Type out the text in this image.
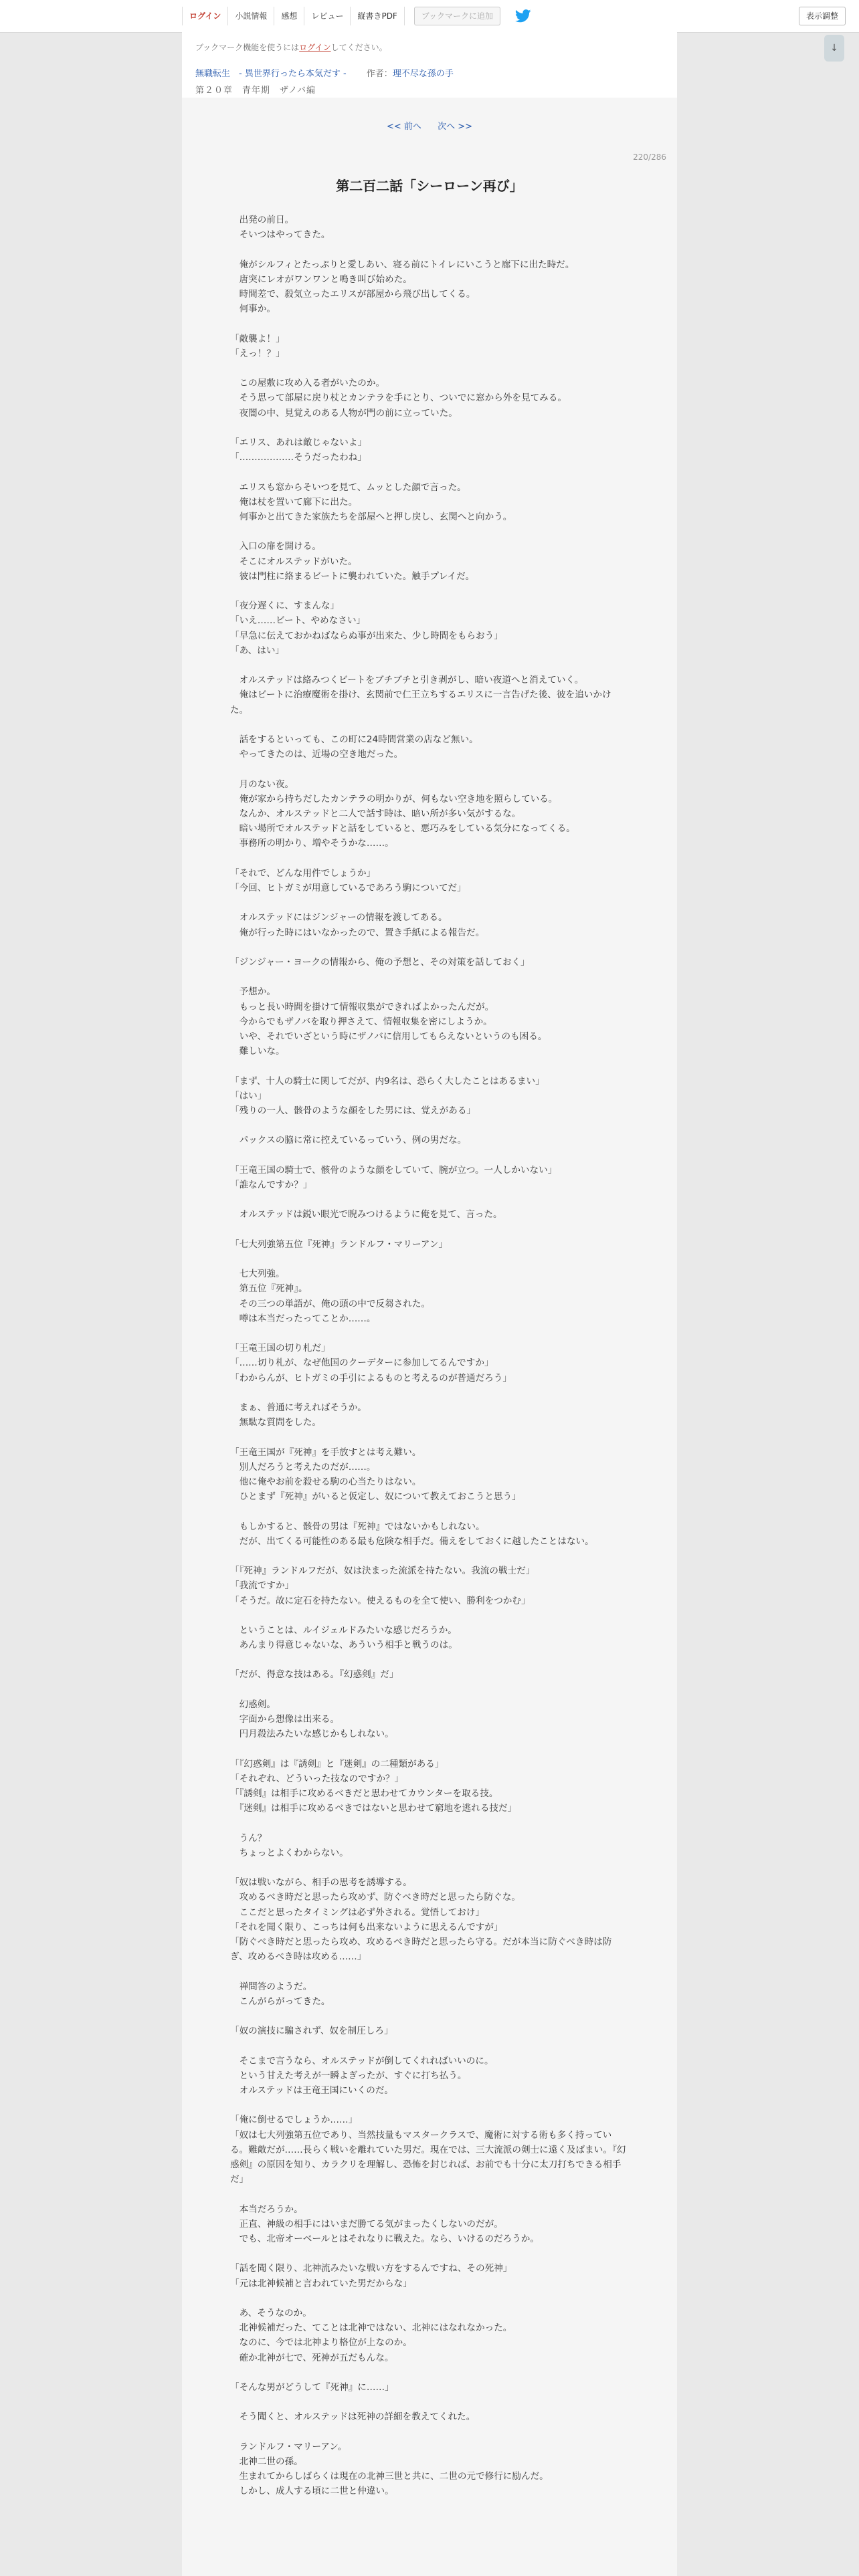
ログイン	小説情報	感想	レビュー	縦書きPDF	ブックマークに追加	表示調整
↓
ブックマーク機能を使うにはログインしてください。
無職転生　- 異世界行ったら本気だす - 作者：理不尽な孫の手
第２０章　青年期　ザノバ編
<< 前へ 次へ >>
220/286
第二百二話「シーローン再び」
　出発の前日。
　そいつはやってきた。
　俺がシルフィとたっぷりと愛しあい、寝る前にトイレにいこうと廊下に出た時だ。
　唐突にレオがワンワンと鳴き叫び始めた。
　時間差で、殺気立ったエリスが部屋から飛び出してくる。
　何事か。
「敵襲よ！」
「えっ！？」
　この屋敷に攻め入る者がいたのか。
　そう思って部屋に戻り杖とカンテラを手にとり、ついでに窓から外を見てみる。
　夜闇の中、見覚えのある人物が門の前に立っていた。
「エリス、あれは敵じゃないよ」
「………………そうだったわね」
　エリスも窓からそいつを見て、ムッとした顔で言った。
　俺は杖を置いて廊下に出た。
　何事かと出てきた家族たちを部屋へと押し戻し、玄関へと向かう。
　入口の扉を開ける。
　そこにオルステッドがいた。
　彼は門柱に絡まるビートに襲われていた。触手プレイだ。
「夜分遅くに、すまんな」
「いえ……ビート、やめなさい」
「早急に伝えておかねばならぬ事が出来た、少し時間をもらおう」
「あ、はい」
　オルステッドは絡みつくビートをブチブチと引き剥がし、暗い夜道へと消えていく。
　俺はビートに治療魔術を掛け、玄関前で仁王立ちするエリスに一言告げた後、彼を追いかけた。
　話をするといっても、この町に24時間営業の店など無い。
　やってきたのは、近場の空き地だった。
　月のない夜。
　俺が家から持ちだしたカンテラの明かりが、何もない空き地を照らしている。
　なんか、オルステッドと二人で話す時は、暗い所が多い気がするな。
　暗い場所でオルステッドと話をしていると、悪巧みをしている気分になってくる。
　事務所の明かり、増やそうかな……。
「それで、どんな用件でしょうか」
「今回、ヒトガミが用意しているであろう駒についてだ」
　オルステッドにはジンジャーの情報を渡してある。
　俺が行った時にはいなかったので、置き手紙による報告だ。
「ジンジャー・ヨークの情報から、俺の予想と、その対策を話しておく」
　予想か。
　もっと長い時間を掛けて情報収集ができればよかったんだが。
　今からでもザノバを取り押さえて、情報収集を密にしようか。
　いや、それでいざという時にザノバに信用してもらえないというのも困る。
　難しいな。
「まず、十人の騎士に関してだが、内9名は、恐らく大したことはあるまい」
「はい」
「残りの一人、骸骨のような顔をした男には、覚えがある」
　パックスの脇に常に控えているっていう、例の男だな。
「王竜王国の騎士で、骸骨のような顔をしていて、腕が立つ。一人しかいない」
「誰なんですか？」
　オルステッドは鋭い眼光で睨みつけるように俺を見て、言った。
「七大列強第五位『死神』ランドルフ・マリーアン」
　七大列強。
　第五位『死神』。
　その三つの単語が、俺の頭の中で反芻された。
　噂は本当だったってことか……。
「王竜王国の切り札だ」
「……切り札が、なぜ他国のクーデターに参加してるんですか」
「わからんが、ヒトガミの手引によるものと考えるのが普通だろう」
　まぁ、普通に考えればそうか。
　無駄な質問をした。
「王竜王国が『死神』を手放すとは考え難い。
　別人だろうと考えたのだが……。
　他に俺やお前を殺せる駒の心当たりはない。
　ひとまず『死神』がいると仮定し、奴について教えておこうと思う」
　もしかすると、骸骨の男は『死神』ではないかもしれない。
　だが、出てくる可能性のある最も危険な相手だ。備えをしておくに越したことはない。
「『死神』ランドルフだが、奴は決まった流派を持たない。我流の戦士だ」
「我流ですか」
「そうだ。故に定石を持たない。使えるものを全て使い、勝利をつかむ」
　ということは、ルイジェルドみたいな感じだろうか。
　あんまり得意じゃないな、あういう相手と戦うのは。
「だが、得意な技はある。『幻惑剣』だ」
　幻惑剣。
　字面から想像は出来る。
　円月殺法みたいな感じかもしれない。
「『幻惑剣』は『誘剣』と『迷剣』の二種類がある」
「それぞれ、どういった技なのですか？」
「『誘剣』は相手に攻めるべきだと思わせてカウンターを取る技。
　『迷剣』は相手に攻めるべきではないと思わせて窮地を逃れる技だ」
　うん？
　ちょっとよくわからない。
「奴は戦いながら、相手の思考を誘導する。
　攻めるべき時だと思ったら攻めず、防ぐべき時だと思ったら防ぐな。
　ここだと思ったタイミングは必ず外される。覚悟しておけ」
「それを聞く限り、こっちは何も出来ないように思えるんですが」
「防ぐべき時だと思ったら攻め、攻めるべき時だと思ったら守る。だが本当に防ぐべき時は防ぎ、攻めるべき時は攻める……」
　禅問答のようだ。
　こんがらがってきた。
「奴の演技に騙されず、奴を制圧しろ」
　そこまで言うなら、オルステッドが倒してくれればいいのに。
　という甘えた考えが一瞬よぎったが、すぐに打ち払う。
　オルステッドは王竜王国にいくのだ。
「俺に倒せるでしょうか……」
「奴は七大列強第五位であり、当然技量もマスタークラスで、魔術に対する術も多く持っている。難敵だが……長らく戦いを離れていた男だ。現在では、三大流派の剣士に遠く及ばまい。『幻惑剣』の原因を知り、カラクリを理解し、恐怖を封じれば、お前でも十分に太刀打ちできる相手だ」
　本当だろうか。
　正直、神級の相手にはいまだ勝てる気がまったくしないのだが。
　でも、北帝オーベールとはそれなりに戦えた。なら、いけるのだろうか。
「話を聞く限り、北神流みたいな戦い方をするんですね、その死神」
「元は北神候補と言われていた男だからな」
　あ、そうなのか。
　北神候補だった、てことは北神ではない、北神にはなれなかった。
　なのに、今では北神より格位が上なのか。
　確か北神が七で、死神が五だもんな。
「そんな男がどうして『死神』に……」
　そう聞くと、オルステッドは死神の詳細を教えてくれた。
　ランドルフ・マリーアン。
　北神二世の孫。
　生まれてからしばらくは現在の北神三世と共に、二世の元で修行に励んだ。
　しかし、成人する頃に二世と仲違い。
